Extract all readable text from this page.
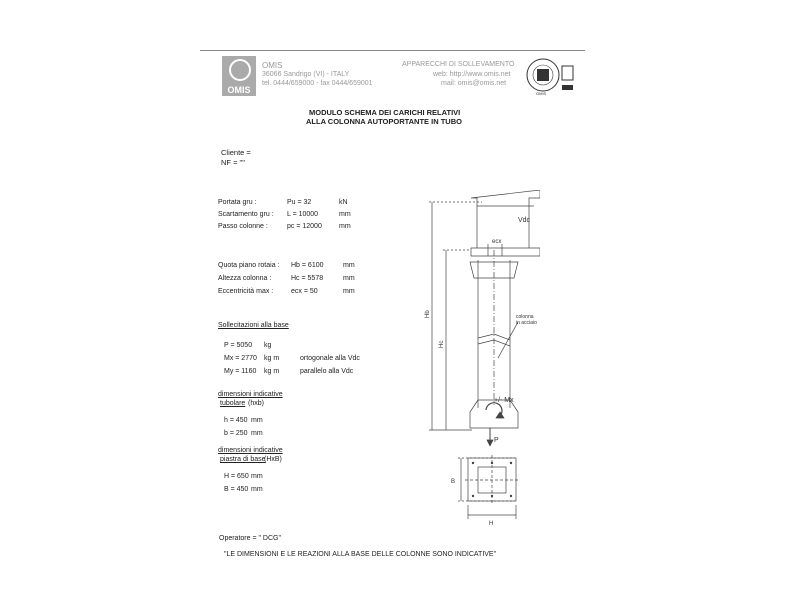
OMIS
OMIS
36066 Sandrigo (VI) - ITALY
tel. 0444/659000 - fax 0444/659001
APPARECCHI DI SOLLEVAMENTO
web: http://www.omis.net
mail: omis@omis.net
OMIS
MODULO SCHEMA DEI CARICHI RELATIVI
ALLA COLONNA AUTOPORTANTE IN TUBO
Cliente =
NF = ""
Portata gru :	Pu = 32	kN
Scartamento gru : L = 10000	mm
Passo colonne :	pc = 12000 mm
Quota piano rotaia : Hb = 6100	mm
Altezza colonna :	Hc = 5578	mm
Eccentricità max :	ecx = 50	mm
Sollecitazioni alla base
P = 5050 kg
Mx = 2770 kg m	ortogonale alla Vdc
My = 1160 kg m	parallelo alla Vdc
dimensioni indicative
tubolare (hxb)
h = 450 mm
b = 250 mm
dimensioni indicative
piastra di base
(HxB)
H = 650 mm
B = 450 mm
Operatore = " DCG"
"LE DIMENSIONI E LE REAZIONI ALLA BASE DELLE COLONNE SONO INDICATIVE"
Vdc
ecx
Hb
Hc
colonna
in acciaio
+/- Mx
P
B
H
